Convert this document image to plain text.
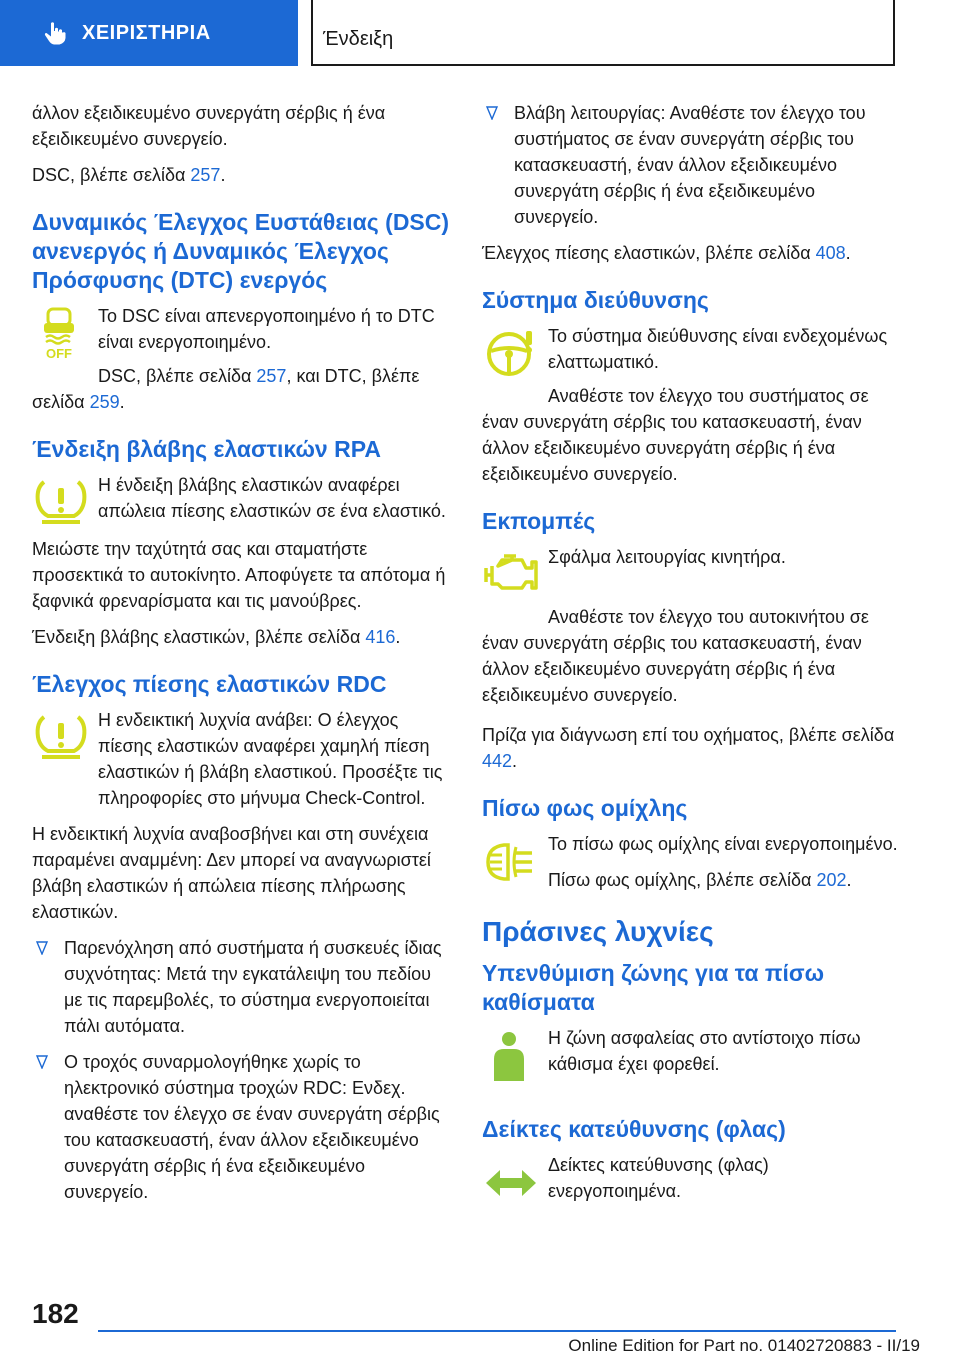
ΧΕΙΡΙΣΤΗΡΙΑ	Ένδειξη

άλλον εξειδικευμένο συνεργάτη σέρβις ή ένα εξειδικευμένο συνεργείο.

DSC, βλέπε σελίδα 257.

Δυναμικός Έλεγχος Ευστάθειας (DSC) ανενεργός ή Δυναμικός Έλεγχος Πρόσφυσης (DTC) ενεργός
OFF

Το DSC είναι απενεργοποιημένο ή το DTC είναι ενεργοποιημένο.

DSC, βλέπε σελίδα 257, και DTC, βλέπε σελίδα 259.

Ένδειξη βλάβης ελαστικών RPA

Η ένδειξη βλάβης ελαστικών αναφέρει απώλεια πίεσης ελαστικών σε ένα ελαστικό.

Μειώστε την ταχύτητά σας και σταματήστε προσεκτικά το αυτοκίνητο. Αποφύγετε τα απότομα ή ξαφνικά φρεναρίσματα και τις μανούβρες.

Ένδειξη βλάβης ελαστικών, βλέπε σελίδα 416.

Έλεγχος πίεσης ελαστικών RDC

Η ενδεικτική λυχνία ανάβει: Ο έλεγχος πίεσης ελαστικών αναφέρει χαμηλή πίεση ελαστικών ή βλάβη ελαστικού. Προσέξτε τις πληροφορίες στο μήνυμα Check-Control.

Η ενδεικτική λυχνία αναβοσβήνει και στη συνέχεια παραμένει αναμμένη: Δεν μπορεί να αναγνωριστεί βλάβη ελαστικών ή απώλεια πίεσης πλήρωσης ελαστικών.

Παρενόχληση από συστήματα ή συσκευές ίδιας συχνότητας: Μετά την εγκατάλειψη του πεδίου με τις παρεμβολές, το σύστημα ενεργοποιείται πάλι αυτόματα.

Ο τροχός συναρμολογήθηκε χωρίς το ηλεκτρονικό σύστημα τροχών RDC: Ενδεχ. αναθέστε τον έλεγχο σε έναν συνεργάτη σέρβις του κατασκευαστή, έναν άλλον εξειδικευμένο συνεργάτη σέρβις ή ένα εξειδικευμένο συνεργείο.

Βλάβη λειτουργίας: Αναθέστε τον έλεγχο του συστήματος σε έναν συνεργάτη σέρβις του κατασκευαστή, έναν άλλον εξειδικευμένο συνεργάτη σέρβις ή ένα εξειδικευμένο συνεργείο.

Έλεγχος πίεσης ελαστικών, βλέπε σελίδα 408.

Σύστημα διεύθυνσης

Το σύστημα διεύθυνσης είναι ενδεχομένως ελαττωματικό.

Αναθέστε τον έλεγχο του συστήματος σε έναν συνεργάτη σέρβις του κατασκευαστή, έναν άλλον εξειδικευμένο συνεργάτη σέρβις ή ένα εξειδικευμένο συνεργείο.

Εκπομπές

Σφάλμα λειτουργίας κινητήρα.

Αναθέστε τον έλεγχο του αυτοκινήτου σε έναν συνεργάτη σέρβις του κατασκευαστή, έναν άλλον εξειδικευμένο συνεργάτη σέρβις ή ένα εξειδικευμένο συνεργείο.

Πρίζα για διάγνωση επί του οχήματος, βλέπε σελίδα 442.

Πίσω φως ομίχλης

Το πίσω φως ομίχλης είναι ενεργοποιημένο.

Πίσω φως ομίχλης, βλέπε σελίδα 202.

Πράσινες λυχνίες
Υπενθύμιση ζώνης για τα πίσω καθίσματα

Η ζώνη ασφαλείας στο αντίστοιχο πίσω κάθισμα έχει φορεθεί.

Δείκτες κατεύθυνσης (φλας)

Δείκτες κατεύθυνσης (φλας) ενεργοποιημένα.

182
Online Edition for Part no. 01402720883 - II/19
